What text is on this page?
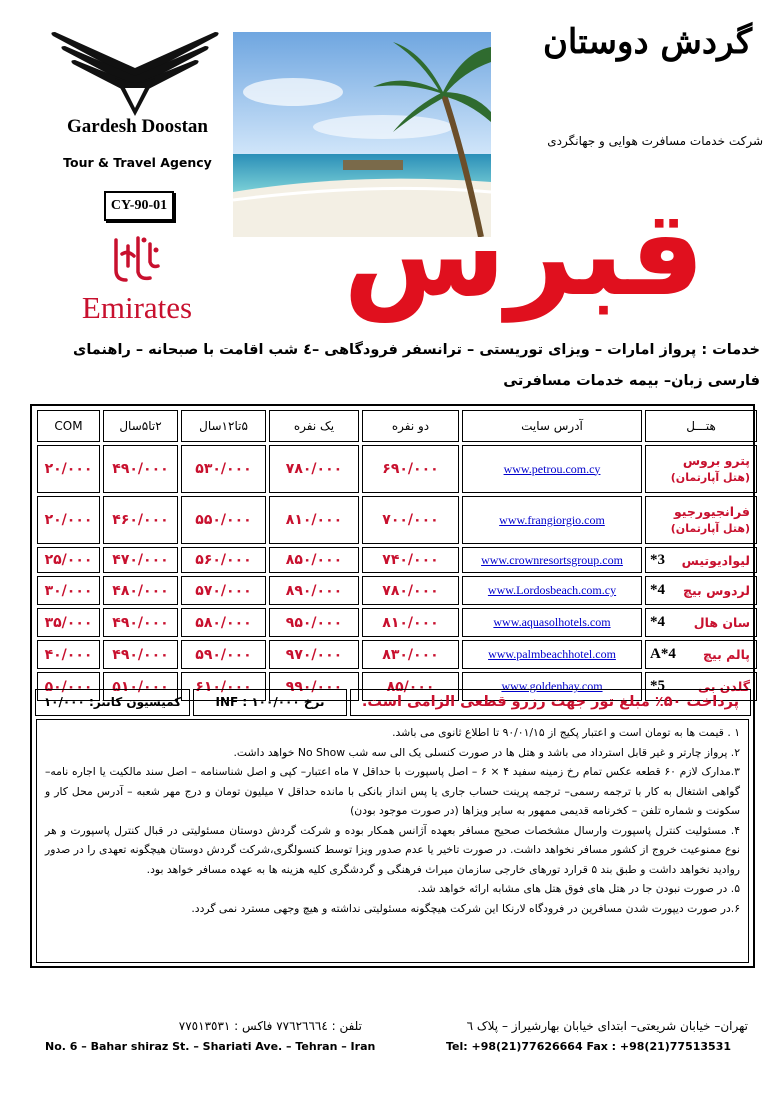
Gardesh Doostan
Tour & Travel Agency
CY-90-01
Emirates
گردش دوستان
شرکت خدمات مسافرت هوایی و جهانگردی
قبرس
خدمات : پرواز امارات – ویزای توریستی – ترانسفر فرودگاهی –٤ شب اقامت با صبحانه – راهنمای
فارسی زبان– بیمه خدمات مسافرتی
COM	۲تا۵سال	۵تا۱۲سال	یک نفره	دو نفره	آدرس سایت	هتـــل
۲۰/۰۰۰	۴۹۰/۰۰۰	۵۳۰/۰۰۰	۷۸۰/۰۰۰	۶۹۰/۰۰۰	www.petrou.com.cy	پترو بروس
(هتل آپارتمان)

۲۰/۰۰۰	۴۶۰/۰۰۰	۵۵۰/۰۰۰	۸۱۰/۰۰۰	۷۰۰/۰۰۰	www.frangiorgio.com	فرانجیورجیو
(هتل آپارتمان)

۲۵/۰۰۰	۴۷۰/۰۰۰	۵۶۰/۰۰۰	۸۵۰/۰۰۰	۷۴۰/۰۰۰	www.crownresortsgroup.com	3* لیوادیوتیس
۳۰/۰۰۰	۴۸۰/۰۰۰	۵۷۰/۰۰۰	۸۹۰/۰۰۰	۷۸۰/۰۰۰	www.Lordosbeach.com.cy	4* لردوس بیچ
۳۵/۰۰۰	۴۹۰/۰۰۰	۵۸۰/۰۰۰	۹۵۰/۰۰۰	۸۱۰/۰۰۰	www.aquasolhotels.com	4* سان هال
۴۰/۰۰۰	۴۹۰/۰۰۰	۵۹۰/۰۰۰	۹۷۰/۰۰۰	۸۳۰/۰۰۰	www.palmbeachhotel.com	4*A پالم بیچ
۵۰/۰۰۰	۵۱۰/۰۰۰	۶۱۰/۰۰۰	۹۹۰/۰۰۰	۸۵/۰۰۰	www.goldenbay.com	5* گلدن بی
پرداخت ۵۰٪ مبلغ تور جهت رزرو قطعی الزامی است.
نرخ INF : ۱۰۰/۰۰۰
کمیسیون کانتر: ۱۰/۰۰۰

۱ . قیمت ها به تومان است و اعتبار پکیج از ۹۰/۰۱/۱۵ تا اطلاع ثانوی می باشد.

۲. پرواز چارتر و غیر قابل استرداد می باشد و هتل ها در صورت کنسلی یک الی سه شب No Show خواهد داشت.

۳.مدارک لازم ۶۰ قطعه عکس تمام رخ زمینه سفید ۴ × ۶ – اصل پاسپورت با حداقل ۷ ماه اعتبار– کپی و اصل شناسنامه – اصل سند مالکیت یا اجاره نامه– گواهی اشتغال به کار با ترجمه رسمی– ترجمه پرینت حساب جاری یا پس انداز بانکی با مانده حداقل ۷ میلیون تومان و درج مهر شعبه – آدرس محل کار و سکونت و شماره تلفن – کخرنامه قدیمی ممهور به سایر ویزاها (در صورت موجود بودن)

۴. مسئولیت کنترل پاسپورت وارسال مشخصات صحیح مسافر بعهده آژانس همکار بوده و شرکت گردش دوستان مسئولیتی در قبال کنترل پاسپورت و هر نوع ممنوعیت خروج از کشور مسافر نخواهد داشت. در صورت تاخیر یا عدم صدور ویزا توسط کنسولگری،شرکت گردش دوستان هیچگونه تعهدی را در صدور روادید نخواهد داشت و طبق بند ۵ قرارد تورهای خارجی سازمان میراث فرهنگی و گردشگری کلیه هزینه ها به عهده مسافر خواهد بود.

۵. در صورت نبودن جا در هتل های فوق هتل های مشابه ارائه خواهد شد.

۶.در صورت دیپورت شدن مسافرین در فرودگاه لارنکا این شرکت هیچگونه مسئولیتی نداشته و هیچ وجهی مسترد نمی گردد.

تهران– خیابان شریعتی– ابتدای خیابان بهارشیراز – پلاک ٦
تلفن : ٧٧٦٢٦٦٦٤ فاکس : ٧٧٥١٣٥٣١
No. 6 – Bahar shiraz St. – Shariati Ave. – Tehran – Iran	Tel: +98(21)77626664 Fax : +98(21)77513531
